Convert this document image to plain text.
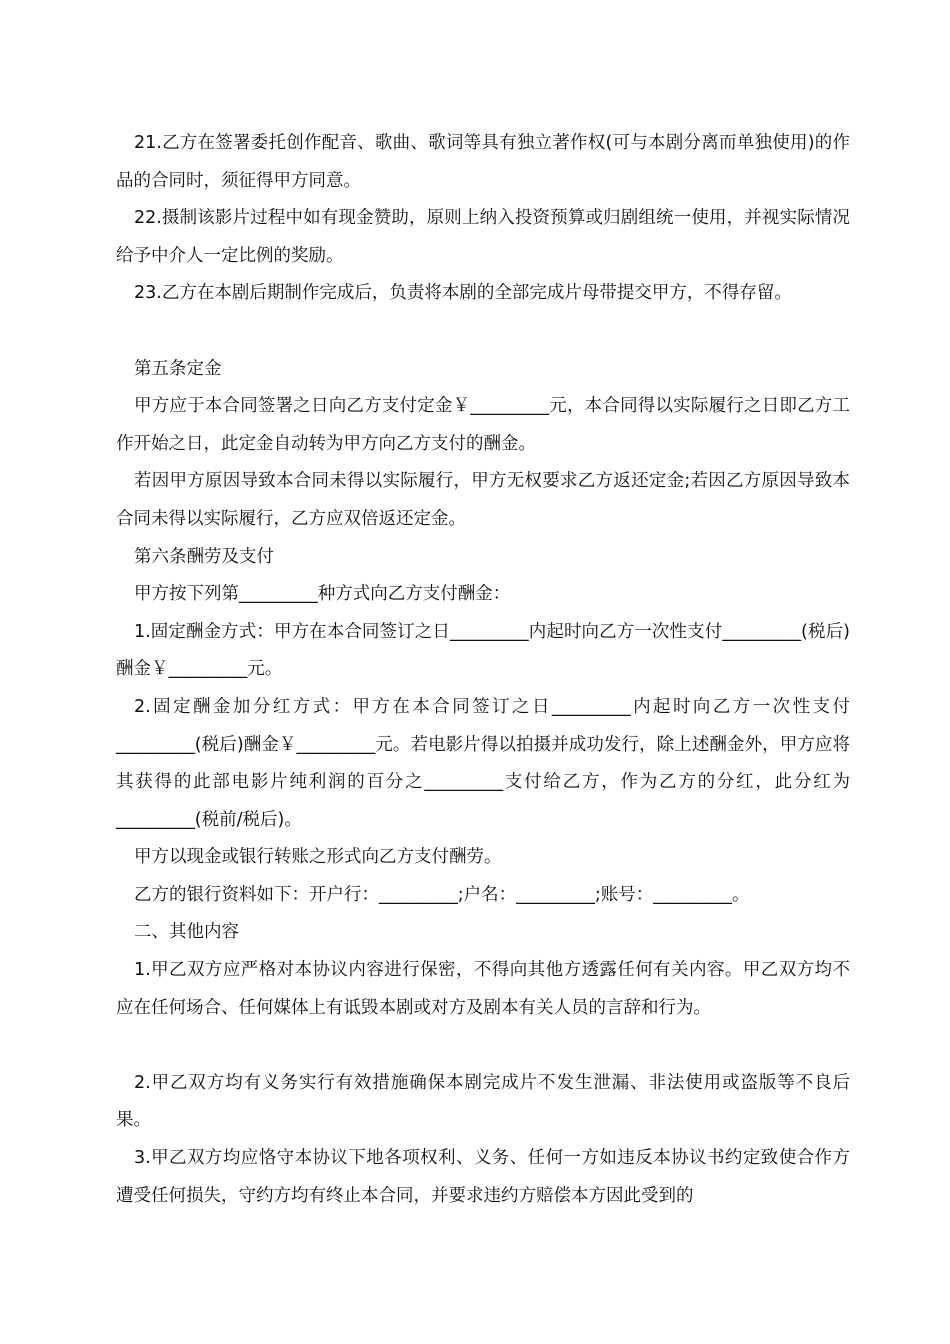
21.乙方在签署委托创作配音、歌曲、歌词等具有独立著作权(可与本剧分离而单独使用)的作品的合同时，须征得甲方同意。

22.摄制该影片过程中如有现金赞助，原则上纳入投资预算或归剧组统一使用，并视实际情况给予中介人一定比例的奖励。

23.乙方在本剧后期制作完成后，负责将本剧的全部完成片母带提交甲方，不得存留。

第五条定金

甲方应于本合同签署之日向乙方支付定金￥_________元，本合同得以实际履行之日即乙方工作开始之日，此定金自动转为甲方向乙方支付的酬金。

若因甲方原因导致本合同未得以实际履行，甲方无权要求乙方返还定金;若因乙方原因导致本合同未得以实际履行，乙方应双倍返还定金。

第六条酬劳及支付

甲方按下列第_________种方式向乙方支付酬金：

1.固定酬金方式：甲方在本合同签订之日_________内起时向乙方一次性支付_________(税后)酬金￥_________元。

2.固定酬金加分红方式：甲方在本合同签订之日_________内起时向乙方一次性支付_________(税后)酬金￥_________元。若电影片得以拍摄并成功发行，除上述酬金外，甲方应将其获得的此部电影片纯利润的百分之_________支付给乙方，作为乙方的分红，此分红为_________(税前/税后)。

甲方以现金或银行转账之形式向乙方支付酬劳。

乙方的银行资料如下：开户行：_________;户名：_________;账号：_________。

二、其他内容

1.甲乙双方应严格对本协议内容进行保密，不得向其他方透露任何有关内容。甲乙双方均不应在任何场合、任何媒体上有诋毁本剧或对方及剧本有关人员的言辞和行为。

2.甲乙双方均有义务实行有效措施确保本剧完成片不发生泄漏、非法使用或盗版等不良后果。

3.甲乙双方均应恪守本协议下地各项权利、义务、任何一方如违反本协议书约定致使合作方遭受任何损失，守约方均有终止本合同，并要求违约方赔偿本方因此受到的
